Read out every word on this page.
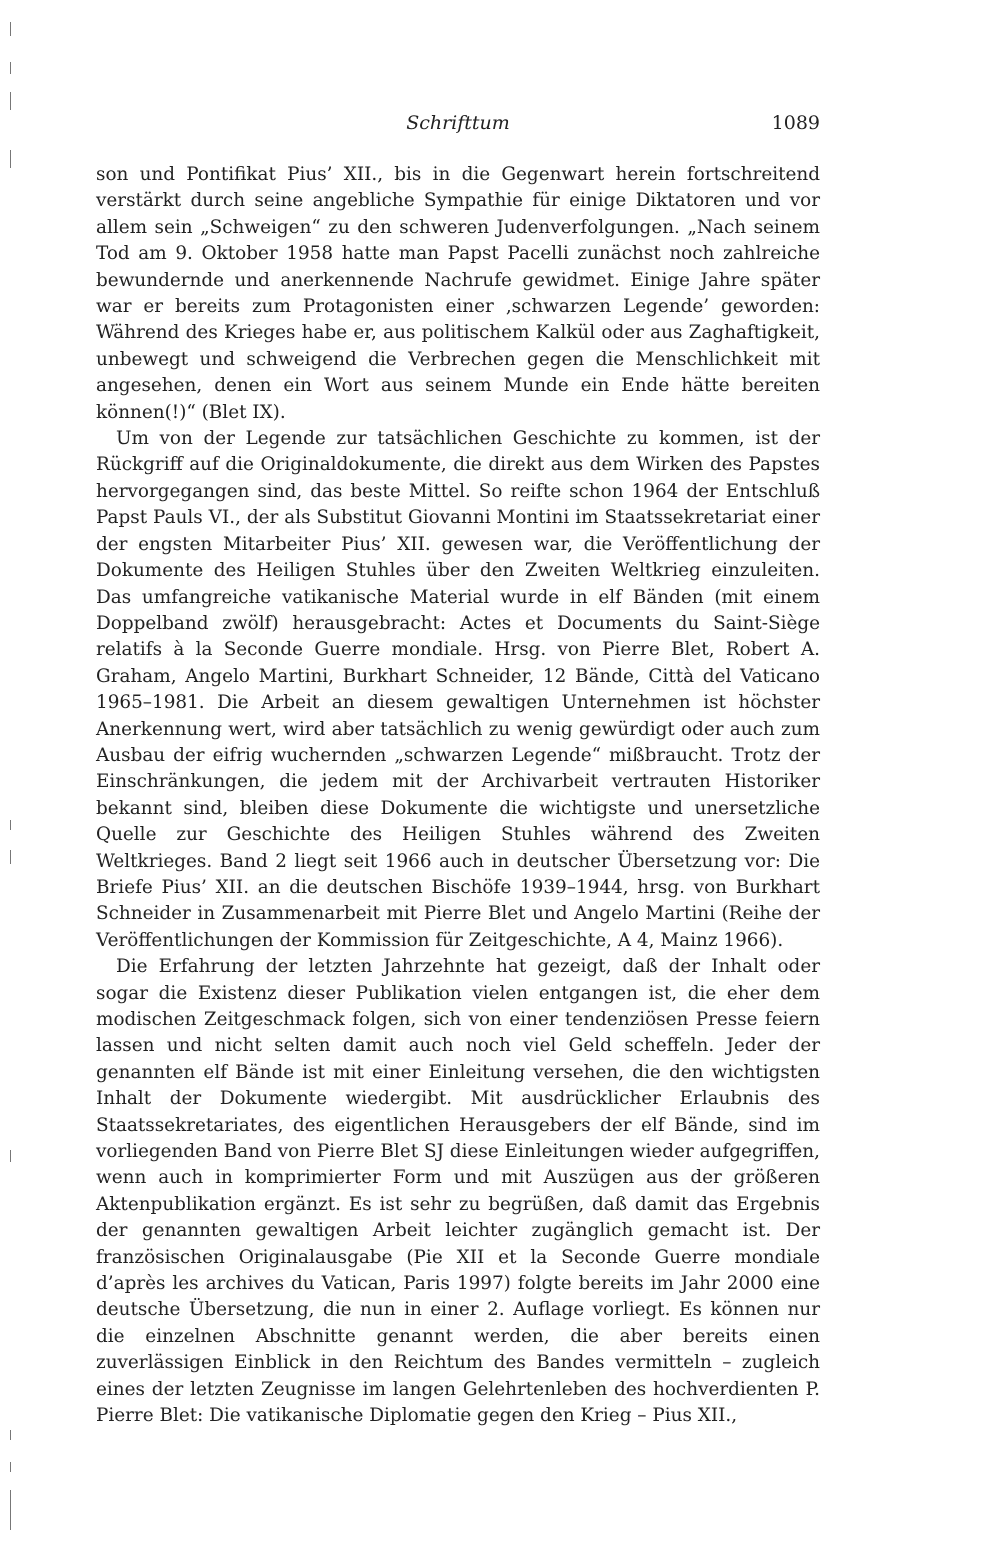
Schrifttum	1089

son und Pontifikat Pius’ XII., bis in die Gegenwart herein fortschreitend verstärkt durch seine angebliche Sympathie für einige Diktatoren und vor allem sein „Schweigen“ zu den schweren Judenverfolgungen. „Nach seinem Tod am 9. Oktober 1958 hatte man Papst Pacelli zunächst noch zahlreiche bewundernde und anerkennende Nachrufe gewidmet. Einige Jahre später war er bereits zum Protagonisten einer ‚schwarzen Legende’ geworden: Während des Krieges habe er, aus politischem Kalkül oder aus Zaghaftigkeit, unbewegt und schweigend die Verbrechen gegen die Menschlichkeit mit angesehen, denen ein Wort aus seinem Munde ein Ende hätte bereiten können(!)“ (Blet IX).

Um von der Legende zur tatsächlichen Geschichte zu kommen, ist der Rückgriff auf die Originaldokumente, die direkt aus dem Wirken des Papstes hervorgegangen sind, das beste Mittel. So reifte schon 1964 der Entschluß Papst Pauls VI., der als Substitut Giovanni Montini im Staatssekretariat einer der engsten Mitarbeiter Pius’ XII. gewesen war, die Veröffentlichung der Dokumente des Heiligen Stuhles über den Zweiten Weltkrieg einzuleiten. Das umfangreiche vatikanische Material wurde in elf Bänden (mit einem Doppelband zwölf) herausgebracht: Actes et Documents du Saint-Siège relatifs à la Seconde Guerre mondiale. Hrsg. von Pierre Blet, Robert A. Graham, Angelo Martini, Burkhart Schneider, 12 Bände, Città del Vaticano 1965–1981. Die Arbeit an diesem gewaltigen Unternehmen ist höchster Anerkennung wert, wird aber tatsächlich zu wenig gewürdigt oder auch zum Ausbau der eifrig wuchernden „schwarzen Legende“ mißbraucht. Trotz der Einschränkungen, die jedem mit der Archivarbeit vertrauten Historiker bekannt sind, bleiben diese Dokumente die wichtigste und unersetzliche Quelle zur Geschichte des Heiligen Stuhles während des Zweiten Weltkrieges. Band 2 liegt seit 1966 auch in deutscher Übersetzung vor: Die Briefe Pius’ XII. an die deutschen Bischöfe 1939–1944, hrsg. von Burkhart Schneider in Zusammenarbeit mit Pierre Blet und Angelo Martini (Reihe der Veröffentlichungen der Kommission für Zeitgeschichte, A 4, Mainz 1966).

Die Erfahrung der letzten Jahrzehnte hat gezeigt, daß der Inhalt oder sogar die Existenz dieser Publikation vielen entgangen ist, die eher dem modischen Zeitgeschmack folgen, sich von einer tendenziösen Presse feiern lassen und nicht selten damit auch noch viel Geld scheffeln. Jeder der genannten elf Bände ist mit einer Einleitung versehen, die den wichtigsten Inhalt der Dokumente wiedergibt. Mit ausdrücklicher Erlaubnis des Staatssekretariates, des eigentlichen Herausgebers der elf Bände, sind im vorliegenden Band von Pierre Blet SJ diese Einleitungen wieder aufgegriffen, wenn auch in komprimierter Form und mit Auszügen aus der größeren Aktenpublikation ergänzt. Es ist sehr zu begrüßen, daß damit das Ergebnis der genannten gewaltigen Arbeit leichter zugänglich gemacht ist. Der französischen Originalausgabe (Pie XII et la Seconde Guerre mondiale d’après les archives du Vatican, Paris 1997) folgte bereits im Jahr 2000 eine deutsche Übersetzung, die nun in einer 2. Auflage vorliegt. Es können nur die einzelnen Abschnitte genannt werden, die aber bereits einen zuverlässigen Einblick in den Reichtum des Bandes vermitteln – zugleich eines der letzten Zeugnisse im langen Gelehrtenleben des hochverdienten P. Pierre Blet: Die vatikanische Diplomatie gegen den Krieg – Pius XII.,
